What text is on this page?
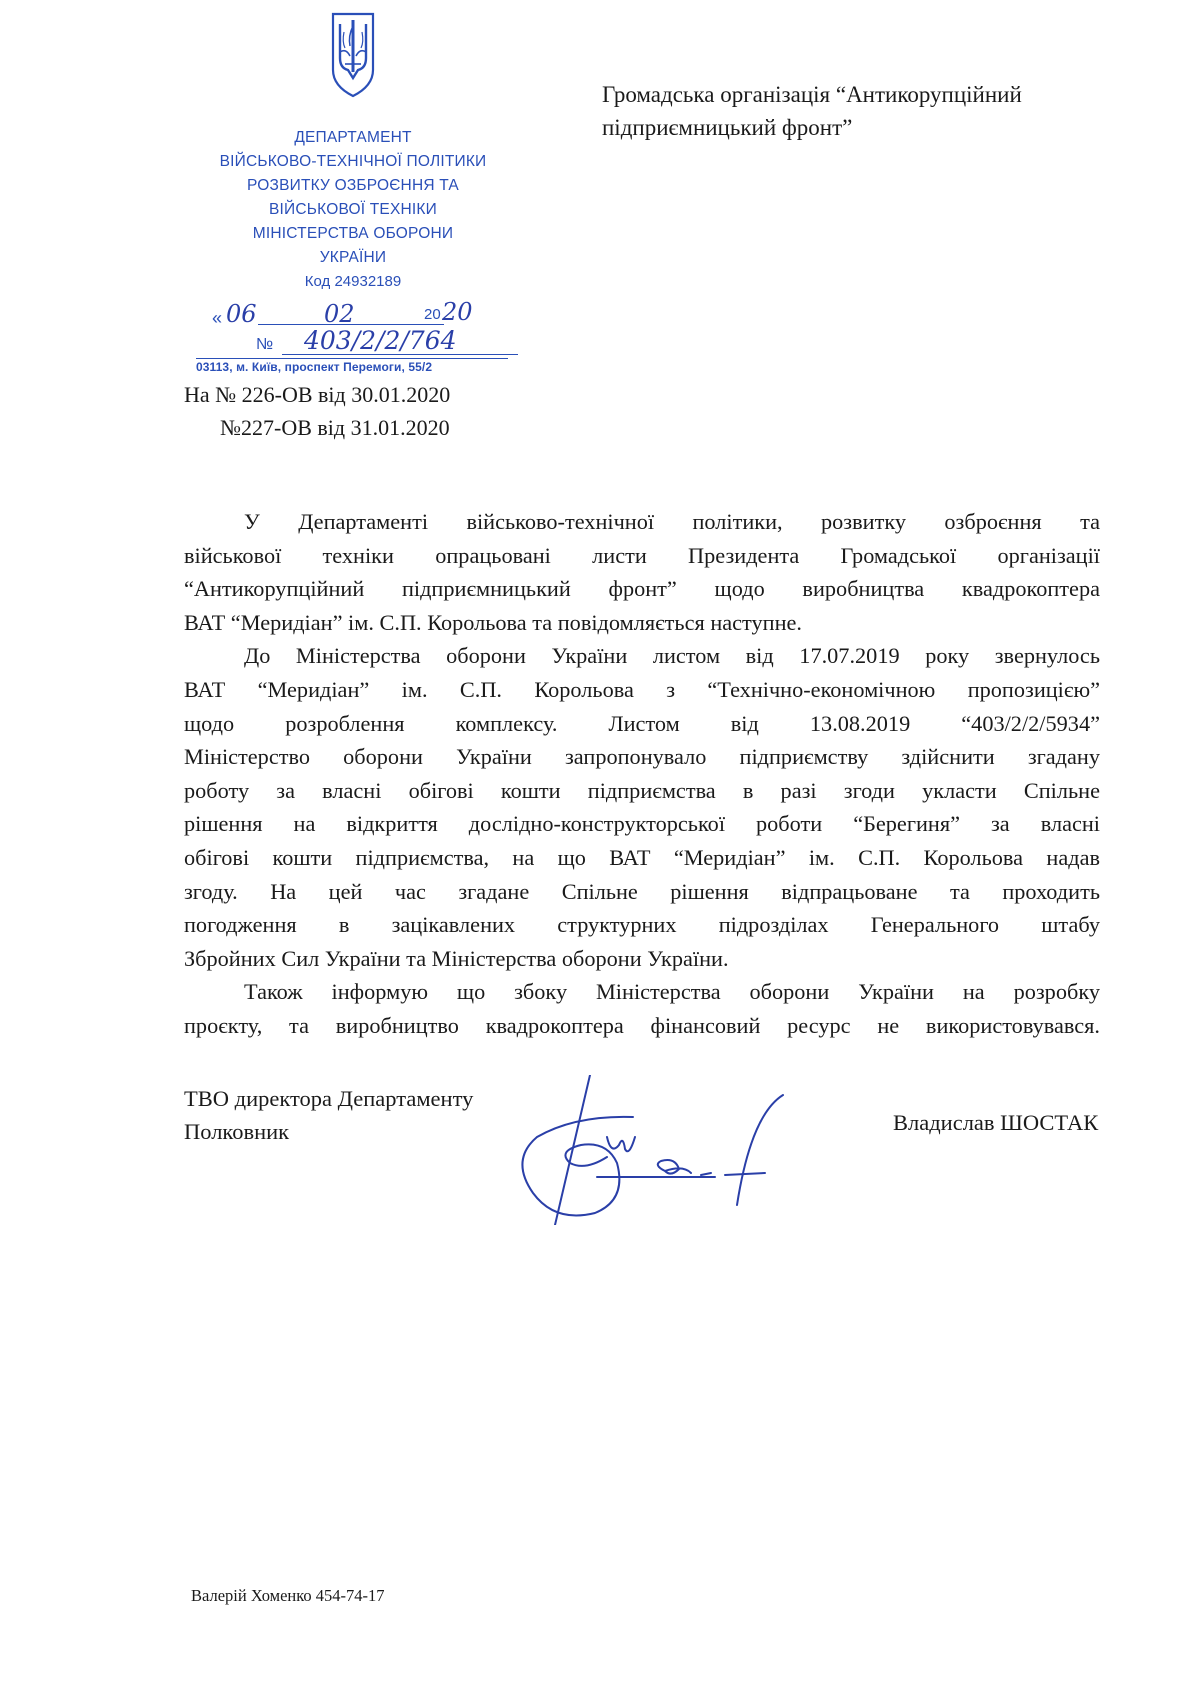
ДЕПАРТАМЕНТ
ВІЙСЬКОВО-ТЕХНІЧНОЇ ПОЛІТИКИ
РОЗВИТКУ ОЗБРОЄННЯ ТА
ВІЙСЬКОВОЇ ТЕХНІКИ
МІНІСТЕРСТВА ОБОРОНИ
УКРАЇНИ
Код 24932189
« 06	02	20 20
№ 403/2/2/764
03113, м. Київ, проспект Перемоги, 55/2
Громадська організація “Антикорупційний
підприємницький фронт”
На № 226-ОВ від 30.01.2020
№227-ОВ від 31.01.2020
У Департаменті військово-технічної політики, розвитку озброєння та
військової техніки опрацьовані листи Президента Громадської організації
“Антикорупційний підприємницький фронт” щодо виробництва квадрокоптера
ВАТ “Меридіан” ім. С.П. Корольова та повідомляється наступне.
До Міністерства оборони України листом від 17.07.2019 року звернулось
ВАТ “Меридіан” ім. С.П. Корольова з “Технічно-економічною пропозицією”
щодо розроблення комплексу. Листом від 13.08.2019 “403/2/2/5934”
Міністерство оборони України запропонувало підприємству здійснити згадану
роботу за власні обігові кошти підприємства в разі згоди укласти Спільне
рішення на відкриття дослідно-конструкторської роботи “Берегиня” за власні
обігові кошти підприємства, на що ВАТ “Меридіан” ім. С.П. Корольова надав
згоду. На цей час згадане Спільне рішення відпрацьоване та проходить
погодження в зацікавлених структурних підрозділах Генерального штабу
Збройних Сил України та Міністерства оборони України.
Також інформую що збоку Міністерства оборони України на розробку
проєкту, та виробництво квадрокоптера фінансовий ресурс не використовувався.
ТВО директора Департаменту
Полковник	Владислав ШОСТАК
Валерій Хоменко 454-74-17
